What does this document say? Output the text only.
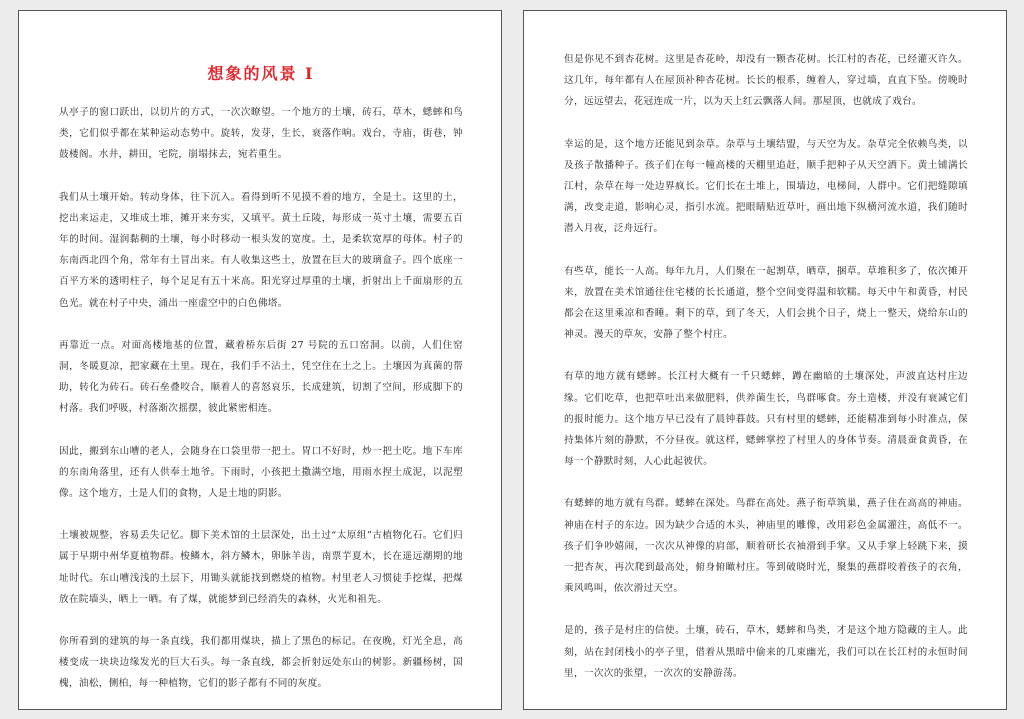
想象的风景 I

从亭子的窗口跃出，以切片的方式，一次次瞭望。一个地方的土壤，砖石，草木，蟋蟀和鸟类，它们似乎都在某种运动态势中。旋转，发芽，生长，衰落作响。戏台，寺庙，街巷，钟鼓楼阁。水井，耕田，宅院，崩塌抹去，宛若重生。

我们从土壤开始。转动身体，往下沉入。看得到听不见摸不着的地方，全是土。这里的土，挖出来运走，又堆成土堆，摊开来夯实，又填平。黄土丘陵，每形成一英寸土壤，需要五百年的时间。湿润黏稠的土壤，每小时移动一根头发的宽度。土，是柔软宽厚的母体。村子的东南西北四个角，常年有土冒出来。有人收集这些土，放置在巨大的玻璃盒子。四个底座一百平方米的透明柱子，每个足足有五十米高。阳光穿过厚重的土壤，折射出上千面扇形的五色光。就在村子中央，涌出一座虚空中的白色佛塔。

再靠近一点。对面高楼地基的位置，藏着桥东后街 27 号院的五口窑洞。以前，人们住窑洞，冬暖夏凉，把家藏在土里。现在，我们手不沾土，凭空住在土之上。土壤因为真菌的帮助，转化为砖石。砖石垒叠咬合，顺着人的喜怒哀乐，长成建筑，切割了空间，形成脚下的村落。我们呼吸，村落渐次摇摆，彼此紧密相连。

因此，搬到东山嘈的老人，会随身在口袋里带一把土。胃口不好时，炒一把土吃。地下车库的东南角落里，还有人供奉土地爷。下雨时，小孩把土撒满空地，用雨水捏土成泥，以泥塑像。这个地方，土是人们的食物，人是土地的阴影。

土壤被规整，容易丢失记忆。脚下美术馆的土层深处，出土过“太原组”古植物化石。它们归属于早期中州华夏植物群。梭鳞木，斜方鳞木，卵脉羊齿，南票芋夏木，长在遥远潮期的地址时代。东山嘈浅浅的土层下，用锄头就能找到燃烧的植物。村里老人习惯徒手挖煤，把煤放在院墙头，晒上一晒。有了煤，就能梦到已经消失的森林，火光和祖先。

你所看到的建筑的每一条直线，我们都用煤块，描上了黑色的标记。在夜晚，灯光全息，高楼变成一块块边缘发光的巨大石头。每一条直线，都会折射远处东山的树影。新疆杨树，国槐，油松，侧柏，每一种植物，它们的影子都有不同的灰度。

但是你见不到杏花树。这里是杏花岭，却没有一颗杏花树。长江村的杏花，已经灌灭许久。这几年，每年都有人在屋顶补种杏花树。长长的根系，缠着人，穿过墙，直直下坠。傍晚时分，远远望去，花冠连成一片，以为天上红云飘落人间。那屋顶，也就成了戏台。

幸运的是，这个地方还能见到杂草。杂草与土壤结盟，与天空为友。杂草完全依赖鸟类，以及孩子散播种子。孩子们在每一幢高楼的天棚里追赶，顺手把种子从天空洒下。黄土铺满长江村，杂草在每一处边界疯长。它们长在土堆上，围墙边，电梯间，人群中。它们把缝隙填满，改变走道，影响心灵，指引水流。把眼睛贴近草叶，画出地下纵横河流水道，我们随时潜入月夜，泛舟远行。

有些草，能长一人高。每年九月，人们聚在一起割草，晒草，捆草。草堆积多了，依次摊开来，放置在美术馆通往住宅楼的长长通道，整个空间变得温和软糯。每天中午和黄昏，村民都会在这里乘凉和香睡。剩下的草，到了冬天，人们会挑个日子，烧上一整天，烧给东山的神灵。漫天的草灰，安静了整个村庄。

有草的地方就有蟋蟀。长江村大概有一千只蟋蟀，蹲在幽暗的土壤深处，声波直达村庄边缘。它们吃草，也把草吐出来做肥料，供养菌生长，鸟群啄食。夯土造楼，并没有衰减它们的报时能力。这个地方早已没有了晨钟暮鼓。只有村里的蟋蟀，还能精准到每小时准点，保持集体片刻的静默，不分昼夜。就这样，蟋蟀掌控了村里人的身体节奏。清晨蚕食黄昏，在每一个静默时刻，人心此起彼伏。

有蟋蟀的地方就有鸟群。蟋蟀在深处。鸟群在高处。燕子衔草筑巢，燕子住在高高的神庙。神庙在村子的东边。因为缺少合适的木头，神庙里的雕像，改用彩色金属灌注，高低不一。孩子们争吵嬉闹，一次次从神像的肩部，顺着研长衣袖滑到手掌。又从手掌上轻跳下来，摸一把杏灰，再次爬到最高处，俯身俯瞰村庄。等到破晓时光，聚集的燕群咬着孩子的衣角，乘风鸣叫，依次滑过天空。

是的，孩子是村庄的信使。土壤，砖石，草木，蟋蟀和鸟类，才是这个地方隐藏的主人。此刻，站在封闭栈小的亭子里，借着从黑暗中偷来的几束幽光，我们可以在长江村的永恒时间里，一次次的张望，一次次的安静游荡。
